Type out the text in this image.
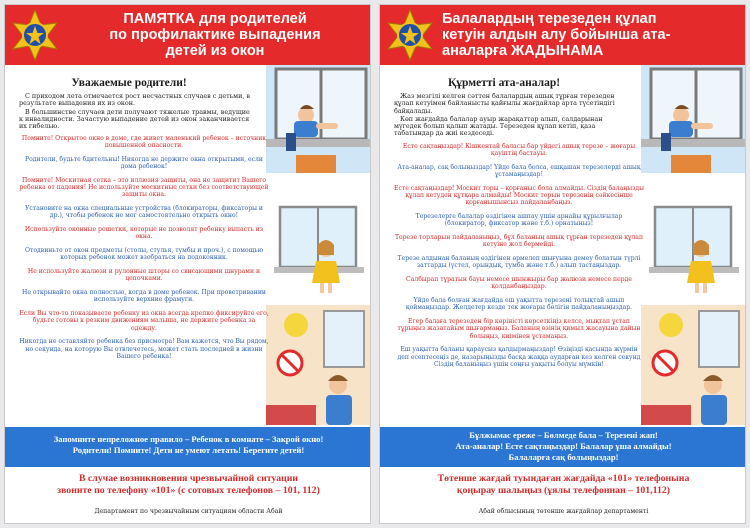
ПАМЯТКА для родителей
по профилактике выпадения
детей из окон
Уважаемые родители!

С приходом лета отмечается рост несчастных случаев с детьми, в результате выпадения их из окон.

В большинстве случаев дети получают тяжелые травмы, ведущие к инвалидности. Зачастую выпадение детей из окон заканчивается их гибелью.

Помните! Открытое окно в доме, где живет маленький ребенок – источник повышенной опасности.
Родители, будьте бдительны! Никогда не держите окна открытыми, если дома ребенок!
Помните! Москитная сетка – это иллюзия защиты, она не защитит Вашего ребенка от падения! Не используйте москитные сетки без соответствующей защиты окна.
Установите на окна специальные устройства (блокираторы, фиксаторы и др.), чтобы ребенок не мог самостоятельно открыть окно!
Используйте оконные решетки, которые не позволят ребенку выпасть из окна.
Отодвиньте от окон предметы (столы, стулья, тумбы и проч.), с помощью которых ребенок может взобраться на подоконник.
Не используйте жалюзи и рулонные шторы со свисающими шнурами и цепочками.
Не открывайте окна полностью, когда в доме ребенок. При проветривании используйте верхние фрамуги.
Если Вы что-то показываете ребенку из окна всегда крепко фиксируйте его, будьте готовы к резким движениям малыша, не держите ребенка за одежду.
Никогда не оставляйте ребенка без присмотра! Вам кажется, что Вы рядом, но секунда, на которую Вы отвлечетесь, может стать последней в жизни Вашего ребенка!
Запомните непреложное правило – Ребенок в комнате – Закрой окно!
Родители! Помните! Дети не умеют летать! Берегите детей!
В случае возникновения чрезвычайной ситуации
звоните по телефону «101» (с сотовых телефонов – 101, 112)
Департамент по чрезвычайным ситуациям области Абай
Балалардың терезеден құлап
кетуін алдын алу бойынша ата-
аналарға ЖАДЫНАМА
Құрметті ата-аналар!

Жаз мезгілі келген сәттен балалардың ашық тұрған терезеден құлап кетуімен байланысты қайғылы жағдайлар арта түсетіндігі байқалады.

Көп жағдайда балалар ауыр жарақаттар алып, салдарынан мүгедек болып қалып жатады. Терезеден құлап кетіп, қаза табатындар да жиі кездеседі.

Есте сақтаңыздар! Кішкентай баласы бар үйдегі ашық терезе – жоғары қауіптің бастауы.
Ата-аналар, сақ болыңыздар! Үйде бала болса, ешқашан терезелерді ашық ұстамаңыздар!
Есте сақтаңыздар! Москит торы – қорғаныс бола алмайды. Сіздің балаңызды құлап кетуден құтқара алмайды! Москит торын терезенің сәйкесінше қорғанышынсыз пайдаланбаңыз.
Терезелерге балалар өздігінен ашпау үшін арнайы құрылғылар (блокиратор, фиксатор және т.б.) орнатыңыз!
Терезе торларын пайдаланыңыз, бұл баланың ашық тұрған терезеден құлап кетуіне жол бермейді.
Терезе алдынан баланың өздігінен өрмелеп шығуына демеу болатын түрлі заттарды (үстел, орындық, тумба және т.б.) алып тастаңыздар.
Салбырап тұратын бауы немесе шынжыры бар жалюзи немесе перде қолданбаңыздар.
Үйде бала болған жағдайда еш уақытта терезені толықтай ашып қоймаңыздар. Желдетер кезде тек жоғары бөлігін пайдаланыңыздар.
Егер балаға терезеден бір көріністі көрсеткіңіз келсе, мықтап ұстап тұрыңыз жазатайым шығармаңыз. Баланың өзінің қимыл жасауына дайын болыңыз, киімінен ұстамаңыз.
Еш уақытта баланы қараусыз қалдырмаңыздар! Өзіңізді қасында жүрмін деп есептесеңіз де, назарыңызды басқа жаққа аударған кез келген секунд Сіздің баланыңыз үшін соңғы уақыты болуы мүмкін!
Бұлжымас ереже – Бөлмеде бала – Терезені жап!
Ата-аналар! Есте сақтаңыздар! Балалар ұша алмайды!
Балаларға сақ болыңыздар!
Төтенше жағдай туындаған жағдайда «101» телефонына
қоңырау шалыңыз (ұялы телефоннан – 101,112)
Абай облысының төтенше жағдайлар департаменті
